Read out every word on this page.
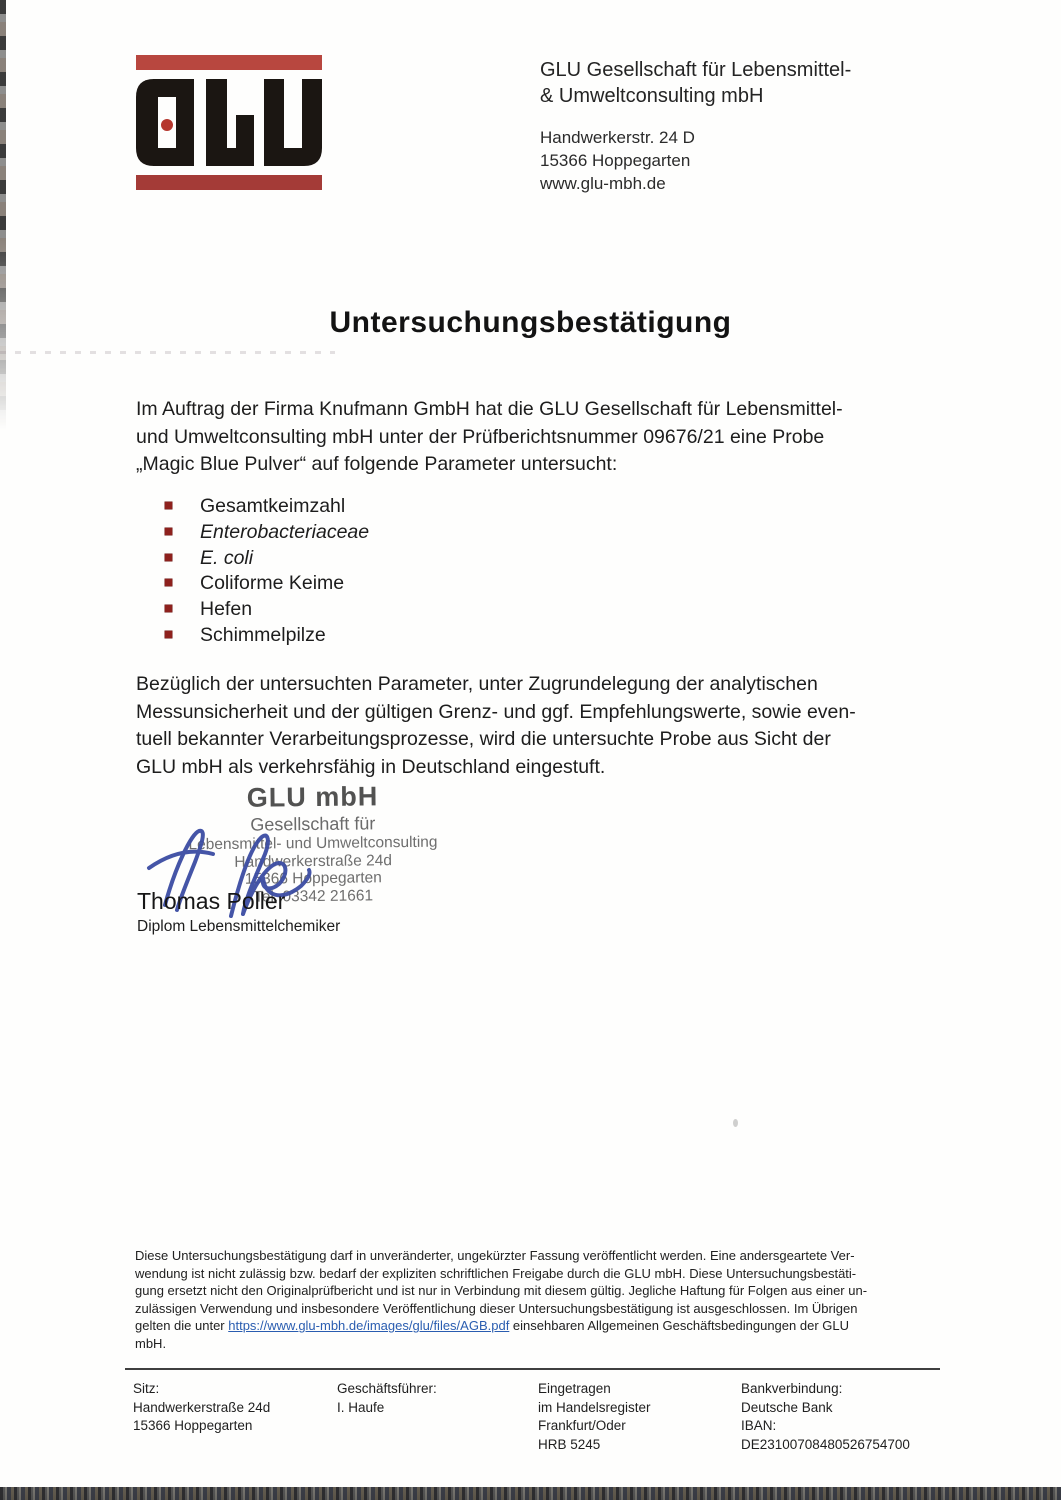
GLU Gesellschaft für Lebensmittel-
& Umweltconsulting mbH
Handwerkerstr. 24 D
15366 Hoppegarten
www.glu-mbh.de
Untersuchungsbestätigung
Im Auftrag der Firma Knufmann GmbH hat die GLU Gesellschaft für Lebensmittel-
und Umweltconsulting mbH unter der Prüfberichtsnummer 09676/21 eine Probe
„Magic Blue Pulver“ auf folgende Parameter untersucht:
Gesamtkeimzahl
Enterobacteriaceae
E. coli
Coliforme Keime
Hefen
Schimmelpilze
Bezüglich der untersuchten Parameter, unter Zugrundelegung der analytischen
Messunsicherheit und der gültigen Grenz- und ggf. Empfehlungswerte, sowie even-
tuell bekannter Verarbeitungsprozesse, wird die untersuchte Probe aus Sicht der
GLU mbH als verkehrsfähig in Deutschland eingestuft.
GLU mbH
Gesellschaft für
Lebensmittel- und Umweltconsulting
Handwerkerstraße 24d
15366 Hoppegarten
Tel. 03342 21661
Thomas Poller
Diplom Lebensmittelchemiker
Diese Untersuchungsbestätigung darf in unveränderter, ungekürzter Fassung veröffentlicht werden. Eine andersgeartete Ver-
wendung ist nicht zulässig bzw. bedarf der expliziten schriftlichen Freigabe durch die GLU mbH. Diese Untersuchungsbestäti-
gung ersetzt nicht den Originalprüfbericht und ist nur in Verbindung mit diesem gültig. Jegliche Haftung für Folgen aus einer un-
zulässigen Verwendung und insbesondere Veröffentlichung dieser Untersuchungsbestätigung ist ausgeschlossen. Im Übrigen
gelten die unter https://www.glu-mbh.de/images/glu/files/AGB.pdf einsehbaren Allgemeinen Geschäftsbedingungen der GLU
mbH.
Sitz:
Handwerkerstraße 24d
15366 Hoppegarten
Geschäftsführer:
I. Haufe
Eingetragen
im Handelsregister
Frankfurt/Oder
HRB 5245
Bankverbindung:
Deutsche Bank
IBAN:
DE23100708480526754700
